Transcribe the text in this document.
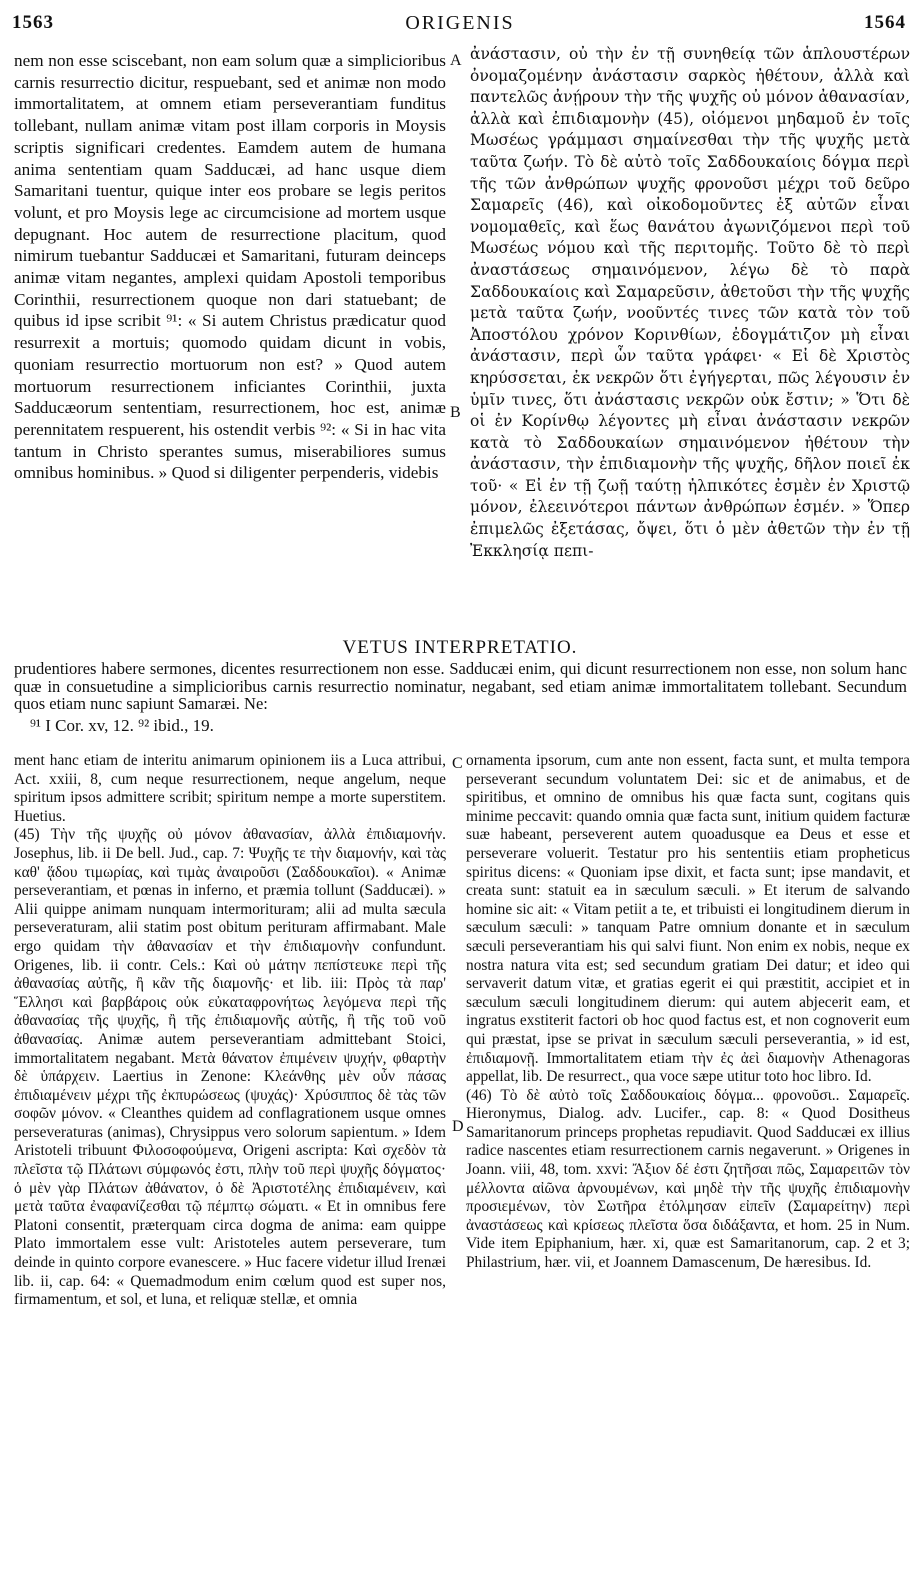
1563	ORIGENIS	1564

nem non esse sciscebant, non eam solum quæ a simplicioribus carnis resurrectio dicitur, respuebant, sed et animæ non modo immortalitatem, at omnem etiam perseverantiam funditus tollebant, nullam animæ vitam post illam corporis in Moysis scriptis significari credentes. Eamdem autem de humana anima sententiam quam Sadducæi, ad hanc usque diem Samaritani tuentur, quique inter eos probare se legis peritos volunt, et pro Moysis lege ac circumcisione ad mortem usque depugnant. Hoc autem de resurrectione placitum, quod nimirum tuebantur Sadducæi et Samaritani, futuram deinceps animæ vitam negantes, amplexi quidam Apostoli temporibus Corinthii, resurrectionem quoque non dari statuebant; de quibus id ipse scribit ⁹¹: « Si autem Christus prædicatur quod resurrexit a mortuis; quomodo quidam dicunt in vobis, quoniam resurrectio mortuorum non est? » Quod autem mortuorum resurrectionem inficiantes Corinthii, juxta Sadducæorum sententiam, resurrectionem, hoc est, animæ perennitatem respuerent, his ostendit verbis ⁹²: « Si in hac vita tantum in Christo sperantes sumus, miserabiliores sumus omnibus hominibus. » Quod si diligenter perpenderis, videbis

A
B

ἀνάστασιν, οὐ τὴν ἐν τῇ συνηθείᾳ τῶν ἁπλουστέρων ὀνομαζομένην ἀνάστασιν σαρκὸς ἠθέτουν, ἀλλὰ καὶ παντελῶς ἀνῄρουν τὴν τῆς ψυχῆς οὐ μόνον ἀθανασίαν, ἀλλὰ καὶ ἐπιδιαμονὴν (45), οἰόμενοι μηδαμοῦ ἐν τοῖς Μωσέως γράμμασι σημαίνεσθαι τὴν τῆς ψυχῆς μετὰ ταῦτα ζωήν. Τὸ δὲ αὐτὸ τοῖς Σαδδουκαίοις δόγμα περὶ τῆς τῶν ἀνθρώπων ψυχῆς φρονοῦσι μέχρι τοῦ δεῦρο Σαμαρεῖς (46), καὶ οἰκοδομοῦντες ἐξ αὐτῶν εἶναι νομομαθεῖς, καὶ ἕως θανάτου ἀγωνιζόμενοι περὶ τοῦ Μωσέως νόμου καὶ τῆς περιτομῆς. Τοῦτο δὲ τὸ περὶ ἀναστάσεως σημαινόμενον, λέγω δὲ τὸ παρὰ Σαδδουκαίοις καὶ Σαμαρεῦσιν, ἀθετοῦσι τὴν τῆς ψυχῆς μετὰ ταῦτα ζωήν, νοοῦντές τινες τῶν κατὰ τὸν τοῦ Ἀποστόλου χρόνον Κορινθίων, ἐδογμάτιζον μὴ εἶναι ἀνάστασιν, περὶ ὧν ταῦτα γράφει· « Εἰ δὲ Χριστὸς κηρύσσεται, ἐκ νεκρῶν ὅτι ἐγήγερται, πῶς λέγουσιν ἐν ὑμῖν τινες, ὅτι ἀνάστασις νεκρῶν οὐκ ἔστιν; » Ὅτι δὲ οἱ ἐν Κορίνθῳ λέγοντες μὴ εἶναι ἀνάστασιν νεκρῶν κατὰ τὸ Σαδδουκαίων σημαινόμενον ἠθέτουν τὴν ἀνάστασιν, τὴν ἐπιδιαμονὴν τῆς ψυχῆς, δῆλον ποιεῖ ἐκ τοῦ· « Εἰ ἐν τῇ ζωῇ ταύτῃ ἠλπικότες ἐσμὲν ἐν Χριστῷ μόνον, ἐλεεινότεροι πάντων ἀνθρώπων ἐσμέν. » Ὅπερ ἐπιμελῶς ἐξετάσας, ὄψει, ὅτι ὁ μὲν ἀθετῶν τὴν ἐν τῇ Ἐκκλησίᾳ πεπι-

VETUS INTERPRETATIO.

prudentiores habere sermones, dicentes resurrectionem non esse. Sadducæi enim, qui dicunt resurrectionem non esse, non solum hanc quæ in consuetudine a simplicioribus carnis resurrectio nominatur, negabant, sed etiam animæ immortalitatem tollebant. Secundum quos etiam nunc sapiunt Samaræi. Ne:

⁹¹ I Cor. xv, 12. ⁹² ibid., 19.

ment hanc etiam de interitu animarum opinionem iis a Luca attribui, Act. xxiii, 8, cum neque resurrectionem, neque angelum, neque spiritum ipsos admittere scribit; spiritum nempe a morte superstitem. Huetius.

(45) Τὴν τῆς ψυχῆς οὐ μόνον ἀθανασίαν, ἀλλὰ ἐπιδιαμονήν. Josephus, lib. ii De bell. Jud., cap. 7: Ψυχῆς τε τὴν διαμονήν, καὶ τὰς καθ' ᾅδου τιμωρίας, καὶ τιμὰς ἀναιροῦσι (Σαδδουκαῖοι). « Animæ perseverantiam, et pœnas in inferno, et præmia tollunt (Sadducæi). » Alii quippe animam nunquam intermorituram; alii ad multa sæcula perseveraturam, alii statim post obitum perituram affirmabant. Male ergo quidam τὴν ἀθανασίαν et τὴν ἐπιδιαμονὴν confundunt. Origenes, lib. ii contr. Cels.: Καὶ οὐ μάτην πεπίστευκε περὶ τῆς ἀθανασίας αὐτῆς, ἢ κἂν τῆς διαμονῆς· et lib. iii: Πρὸς τὰ παρ' Ἕλλησι καὶ βαρβάροις οὐκ εὐκαταφρονήτως λεγόμενα περὶ τῆς ἀθανασίας τῆς ψυχῆς, ἢ τῆς ἐπιδιαμονῆς αὐτῆς, ἢ τῆς τοῦ νοῦ ἀθανασίας. Animæ autem perseverantiam admittebant Stoici, immortalitatem negabant. Μετὰ θάνατον ἐπιμένειν ψυχήν, φθαρτὴν δὲ ὑπάρχειν. Laertius in Zenone: Κλεάνθης μὲν οὖν πάσας ἐπιδιαμένειν μέχρι τῆς ἐκπυρώσεως (ψυχάς)· Χρύσιππος δὲ τὰς τῶν σοφῶν μόνον. « Cleanthes quidem ad conflagrationem usque omnes perseveraturas (animas), Chrysippus vero solorum sapientum. » Idem Aristoteli tribuunt Φιλοσοφούμενα, Origeni ascripta: Καὶ σχεδὸν τὰ πλεῖστα τῷ Πλάτωνι σύμφωνός ἐστι, πλὴν τοῦ περὶ ψυχῆς δόγματος· ὁ μὲν γὰρ Πλάτων ἀθάνατον, ὁ δὲ Ἀριστοτέλης ἐπιδιαμένειν, καὶ μετὰ ταῦτα ἐναφανίζεσθαι τῷ πέμπτῳ σώματι. « Et in omnibus fere Platoni consentit, præterquam circa dogma de anima: eam quippe Plato immortalem esse vult: Aristoteles autem perseverare, tum deinde in quinto corpore evanescere. » Huc facere videtur illud Irenæi lib. ii, cap. 64: « Quemadmodum enim cœlum quod est super nos, firmamentum, et sol, et luna, et reliquæ stellæ, et omnia

C
D

ornamenta ipsorum, cum ante non essent, facta sunt, et multa tempora perseverant secundum voluntatem Dei: sic et de animabus, et de spiritibus, et omnino de omnibus his quæ facta sunt, cogitans quis minime peccavit: quando omnia quæ facta sunt, initium quidem facturæ suæ habeant, perseverent autem quoadusque ea Deus et esse et perseverare voluerit. Testatur pro his sententiis etiam propheticus spiritus dicens: « Quoniam ipse dixit, et facta sunt; ipse mandavit, et creata sunt: statuit ea in sæculum sæculi. » Et iterum de salvando homine sic ait: « Vitam petiit a te, et tribuisti ei longitudinem dierum in sæculum sæculi: » tanquam Patre omnium donante et in sæculum sæculi perseverantiam his qui salvi fiunt. Non enim ex nobis, neque ex nostra natura vita est; sed secundum gratiam Dei datur; et ideo qui servaverit datum vitæ, et gratias egerit ei qui præstitit, accipiet et in sæculum sæculi longitudinem dierum: qui autem abjecerit eam, et ingratus exstiterit factori ob hoc quod factus est, et non cognoverit eum qui præstat, ipse se privat in sæculum sæculi perseverantia, » id est, ἐπιδιαμονῇ. Immortalitatem etiam τὴν ἐς ἀεὶ διαμονὴν Athenagoras appellat, lib. De resurrect., qua voce sæpe utitur toto hoc libro. Id.

(46) Τὸ δὲ αὐτὸ τοῖς Σαδδουκαίοις δόγμα... φρονοῦσι.. Σαμαρεῖς. Hieronymus, Dialog. adv. Lucifer., cap. 8: « Quod Dositheus Samaritanorum princeps prophetas repudiavit. Quod Sadducæi ex illius radice nascentes etiam resurrectionem carnis negaverunt. » Origenes in Joann. viii, 48, tom. xxvi: Ἄξιον δέ ἐστι ζητῆσαι πῶς, Σαμαρειτῶν τὸν μέλλοντα αἰῶνα ἀρνουμένων, καὶ μηδὲ τὴν τῆς ψυχῆς ἐπιδιαμονὴν προσιεμένων, τὸν Σωτῆρα ἐτόλμησαν εἰπεῖν (Σαμαρείτην) περὶ ἀναστάσεως καὶ κρίσεως πλεῖστα ὅσα διδάξαντα, et hom. 25 in Num. Vide item Epiphanium, hær. xi, quæ est Samaritanorum, cap. 2 et 3; Philastrium, hær. vii, et Joannem Damascenum, De hæresibus. Id.
